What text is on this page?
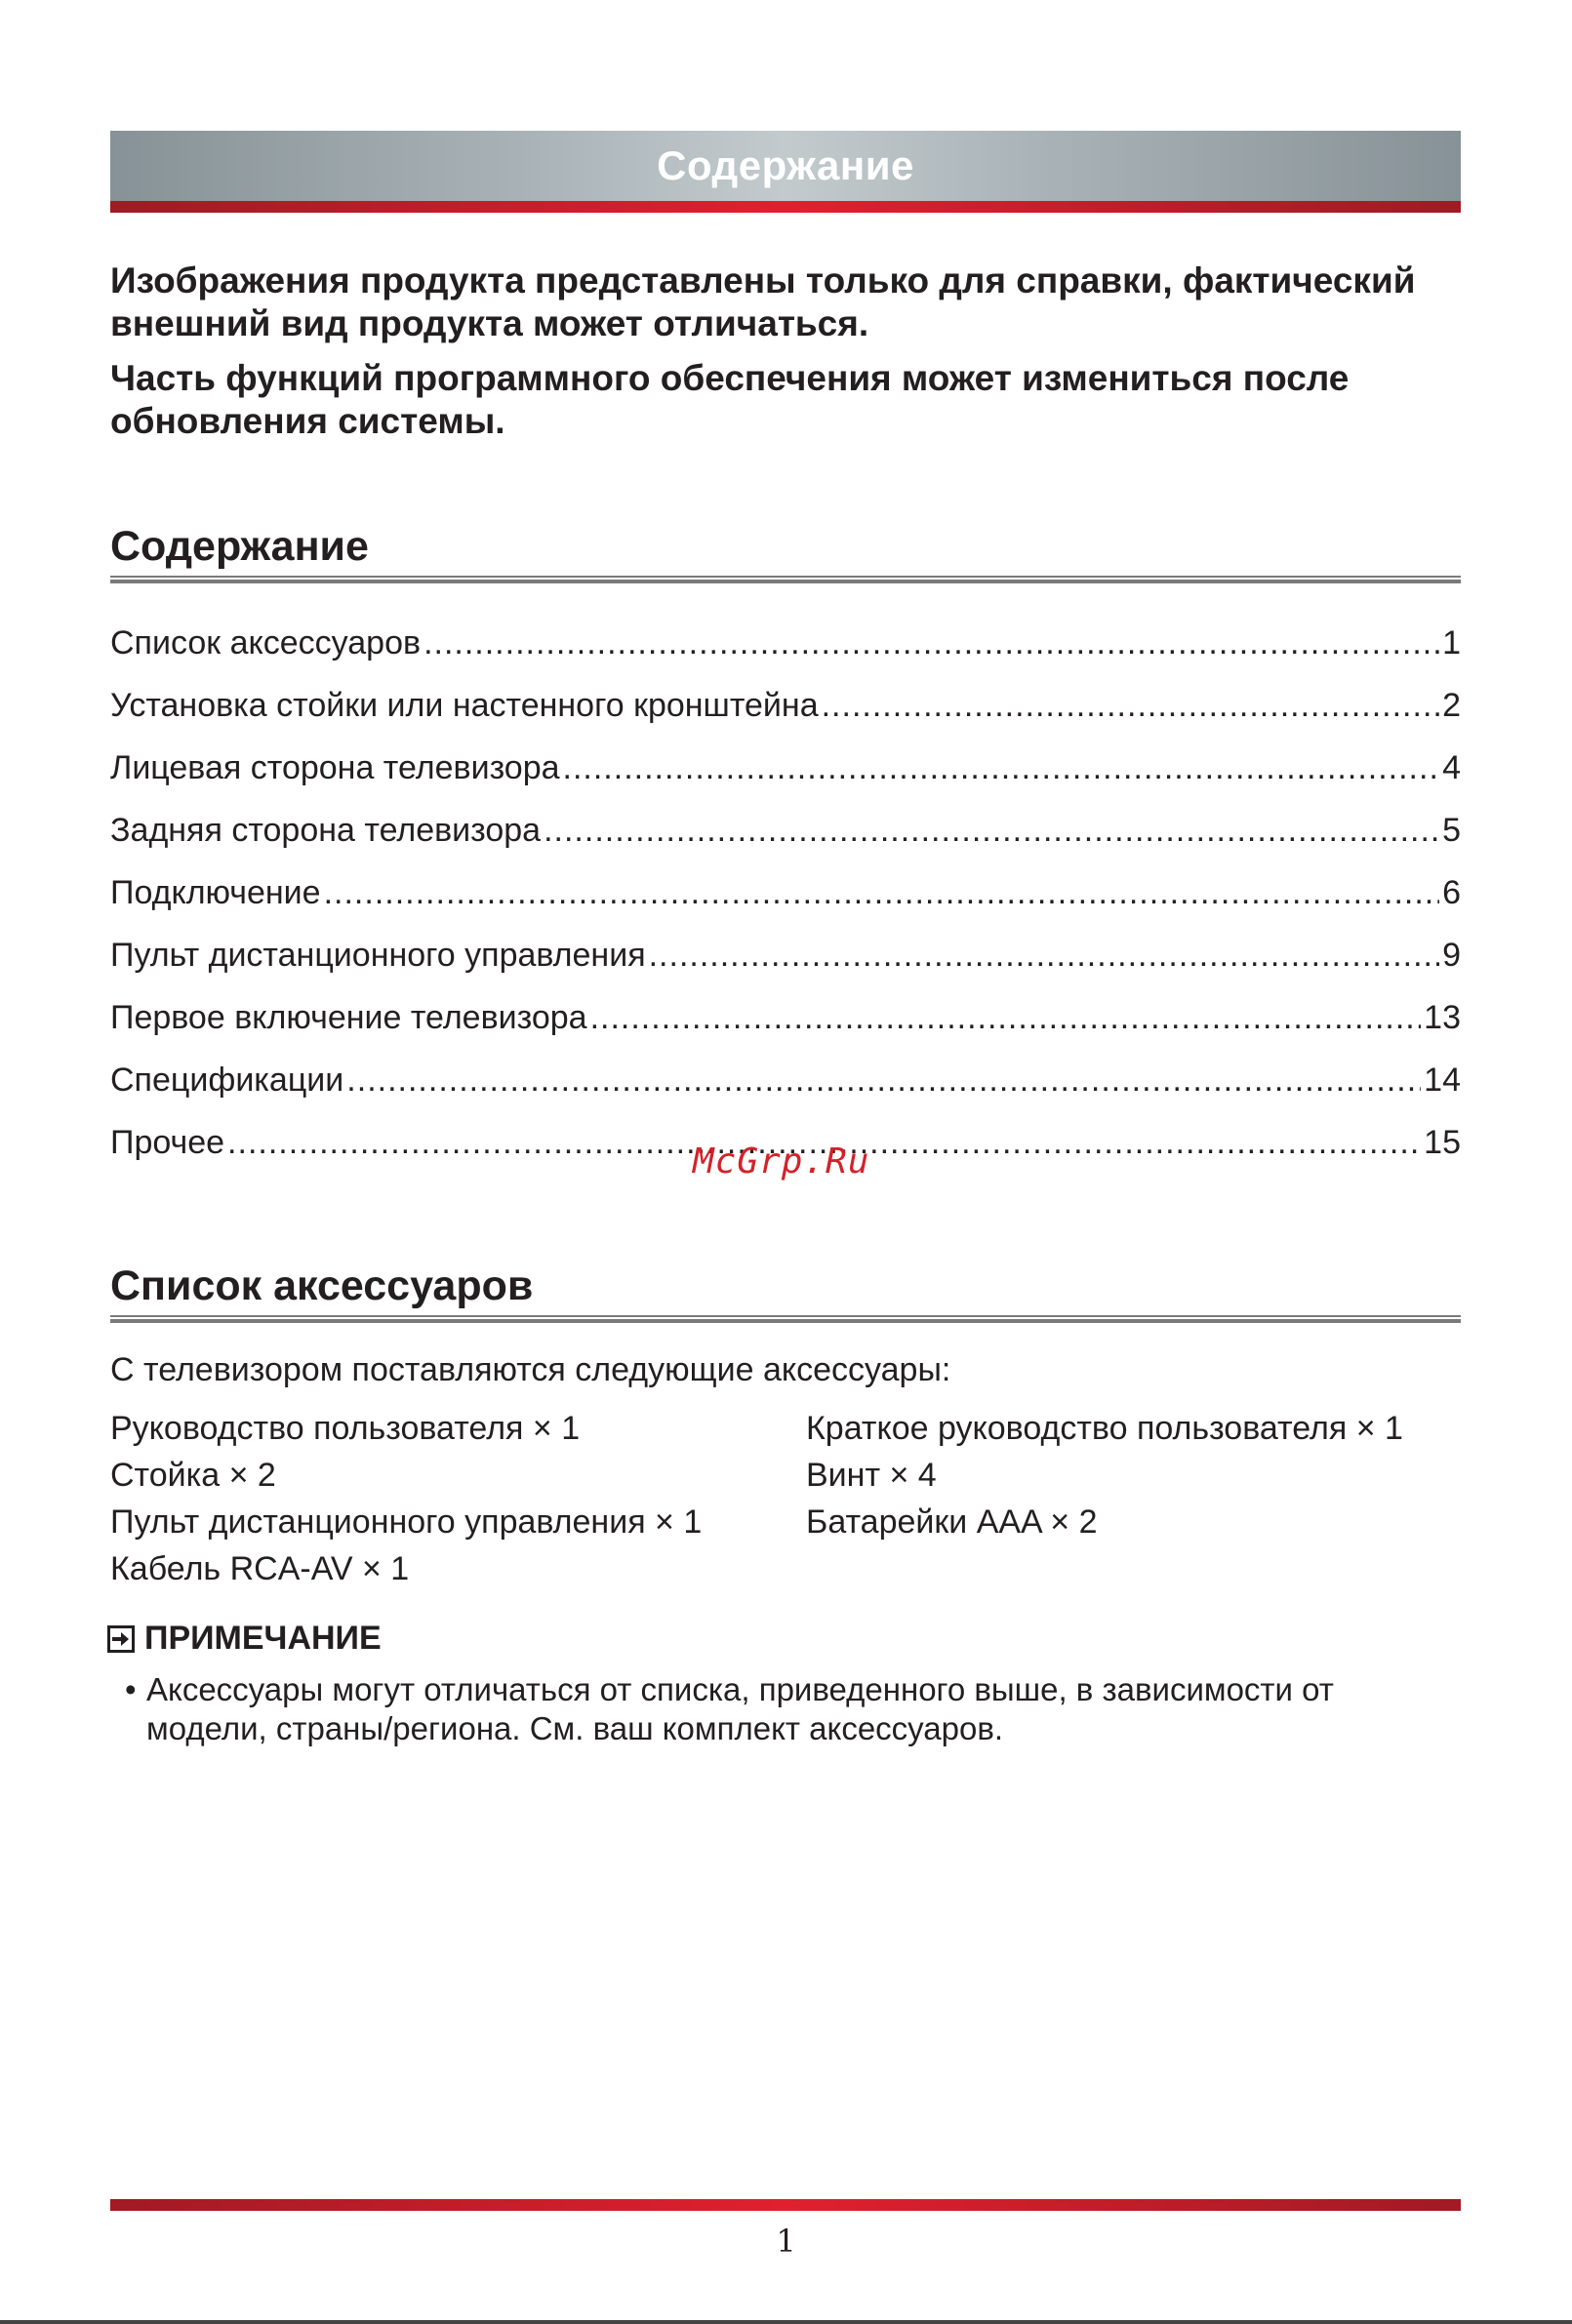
Содержание
Изображения продукта представлены только для справки, фактический внешний вид продукта может отличаться.
Часть функций программного обеспечения может измениться после обновления системы.
Содержание
Список аксессуаров .....	1
Установка стойки или настенного кронштейна .....	2
Лицевая сторона телевизора .....	4
Задняя сторона телевизора .....	5
Подключение .....	6
Пульт дистанционного управления .....	9
Первое включение телевизора .....	13
Спецификации .....	14
Прочее .....	15
McGrp.Ru
Список аксессуаров
С телевизором поставляются следующие аксессуары:
Руководство пользователя × 1
Стойка × 2
Пульт дистанционного управления × 1
Кабель RCA-AV × 1
Краткое руководство пользователя × 1
Винт × 4
Батарейки AAA × 2
ПРИМЕЧАНИЕ
• Аксессуары могут отличаться от списка, приведенного выше, в зависимости от модели, страны/региона. См. ваш комплект аксессуаров.
1
